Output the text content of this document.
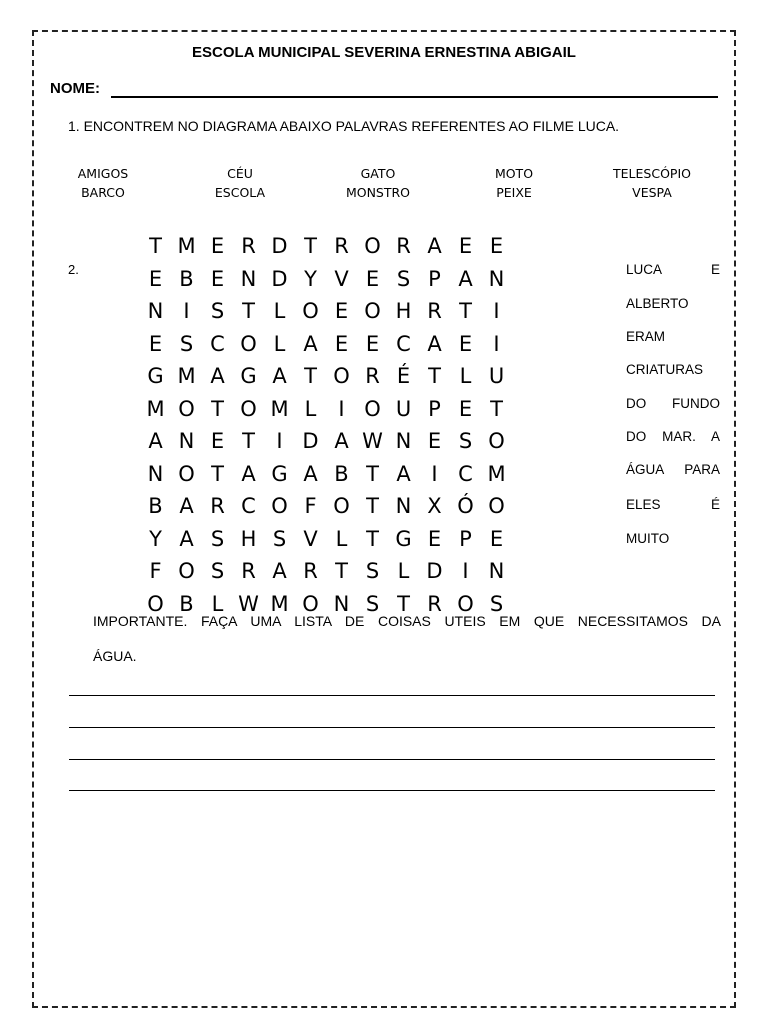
ESCOLA MUNICIPAL SEVERINA ERNESTINA ABIGAIL
NOME:
1. ENCONTREM NO DIAGRAMA ABAIXO PALAVRAS REFERENTES AO FILME LUCA.
AMIGOS
BARCO
CÉU
ESCOLA
GATO
MONSTRO
MOTO
PEIXE
TELESCÓPIO
VESPA
2.
T M E R D T R O R A E E
E B E N D Y V E S P A N
N I	S T L O E O H R T	I
E S C O L A E E C A E	I
G M A G A T O R É T L U
M O T O M L	I O U P E T
A N E T	I D A W N E S O
N O T A G A B T A I C M
B A R C O F O T N X Ó O
Y A S H S V L T G E P E
F O S R A R T S L D I N
O B L W M O N S T R O S
LUCA E
ALBERTO
ERAM
CRIATURAS
DO FUNDO
DO MAR. A
ÁGUA PARA
ELES É
MUITO
IMPORTANTE. FAÇA UMA LISTA DE COISAS UTEIS EM QUE NECESSITAMOS DA
ÁGUA.
